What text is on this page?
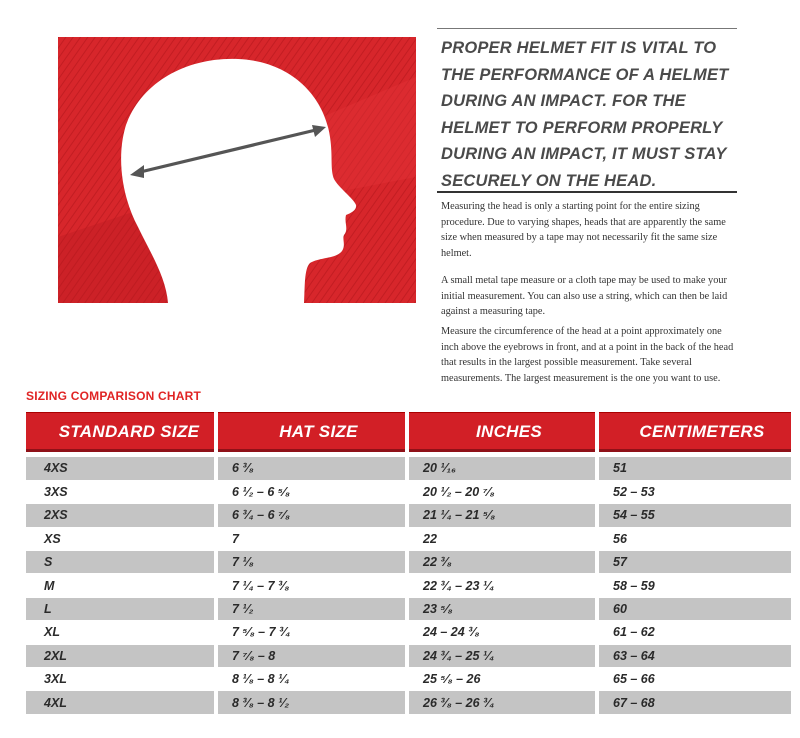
PROPER HELMET FIT IS VITAL TO THE PERFORMANCE OF A HELMET DURING AN IMPACT. FOR THE HELMET TO PERFORM PROPERLY DURING AN IMPACT, IT MUST STAY SECURELY ON THE HEAD.
Measuring the head is only a starting point for the entire sizing procedure. Due to varying shapes, heads that are apparently the same size when measured by a tape may not necessarily fit the same size helmet.
A small metal tape measure or a cloth tape may be used to make your initial measurement. You can also use a string, which can then be laid against a measuring tape.
Measure the circumference of the head at a point approximately one inch above the eyebrows in front, and at a point in the back of the head that results in the largest possible measurement. Take several measurements. The largest measurement is the one you want to use.
SIZING COMPARISON CHART
STANDARD SIZE	HAT SIZE	INCHES	CENTIMETERS

4XS	6 ³⁄₈	20 ¹⁄₁₆	51
3XS	6 ¹⁄₂ – 6 ⁵⁄₈	20 ¹⁄₂ – 20 ⁷⁄₈	52 – 53
2XS	6 ³⁄₄ – 6 ⁷⁄₈	21 ¹⁄₄ – 21 ⁵⁄₈	54 – 55
XS	7	22	56
S	7 ¹⁄₈	22 ³⁄₈	57
M	7 ¹⁄₄ – 7 ³⁄₈	22 ³⁄₄ – 23 ¹⁄₄	58 – 59
L	7 ¹⁄₂	23 ⁵⁄₈	60
XL	7 ⁵⁄₈ – 7 ³⁄₄	24 – 24 ³⁄₈	61 – 62
2XL	7 ⁷⁄₈ – 8	24 ³⁄₄ – 25 ¹⁄₄	63 – 64
3XL	8 ¹⁄₈ – 8 ¹⁄₄	25 ⁵⁄₈ – 26	65 – 66
4XL	8 ³⁄₈ – 8 ¹⁄₂	26 ³⁄₈ – 26 ³⁄₄	67 – 68
